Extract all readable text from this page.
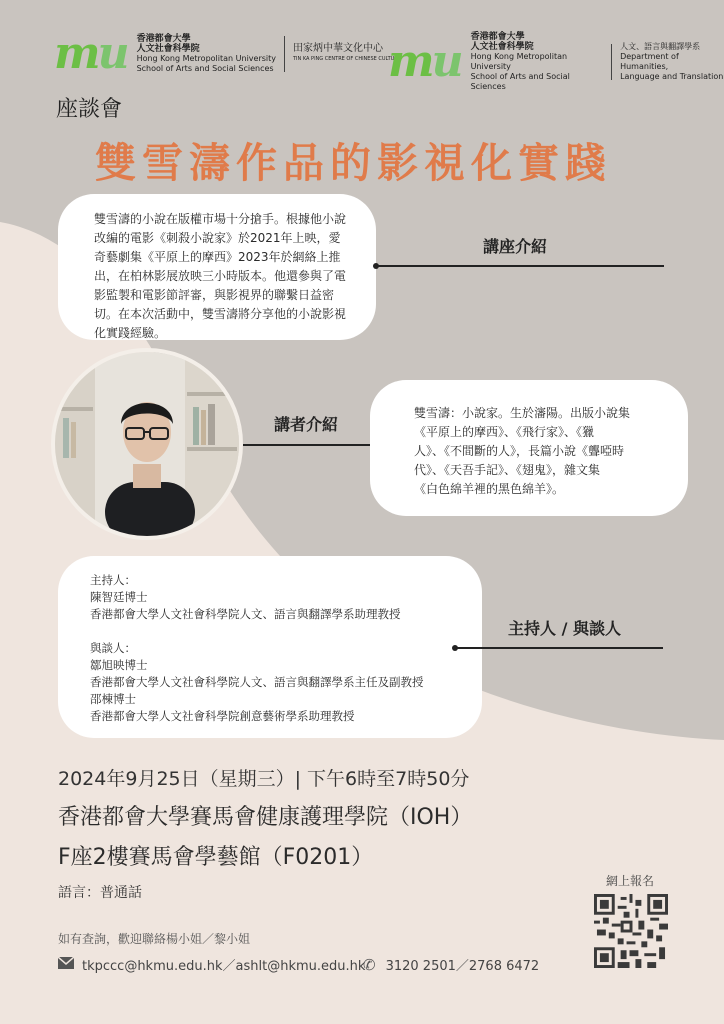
mu 香港都會大學
人文社會科學院
Hong Kong Metropolitan University
School of Arts and Social Sciences
田家炳中華文化中心
TIN KA PING CENTRE OF CHINESE CULTURE
mu 香港都會大學
人文社會科學院
Hong Kong Metropolitan University
School of Arts and Social Sciences
人文、語言與翻譯學系
Department of Humanities,
Language and Translation
座談會
雙雪濤作品的影視化實踐

雙雪濤的小說在版權市場十分搶手。根據他小說

改編的電影《刺殺小說家》於2021年上映，愛

奇藝劇集《平原上的摩西》2023年於網絡上推

出，在柏林影展放映三小時版本。他還參與了電

影監製和電影節評審，與影視界的聯繫日益密

切。在本次活動中，雙雪濤將分享他的小說影視

化實踐經驗。

講座介紹
講者介紹

雙雪濤：小說家。生於瀋陽。出版小說集

《平原上的摩西》、《飛行家》、《獵

人》、《不間斷的人》，長篇小說《聾啞時

代》、《天吾手記》、《翅鬼》，雜文集

《白色綿羊裡的黑色綿羊》。

主持人：

陳智廷博士

香港都會大學人文社會科學院人文、語言與翻譯學系助理教授

與談人：

鄒旭映博士

香港都會大學人文社會科學院人文、語言與翻譯學系主任及副教授

邵棟博士

香港都會大學人文社會科學院創意藝術學系助理教授

主持人 / 與談人
2024年9月25日（星期三）| 下午6時至7時50分
香港都會大學賽馬會健康護理學院（IOH）
F座2樓賽馬會學藝館（F0201）
語言：普通話
如有查詢，歡迎聯絡楊小姐／黎小姐
tkpccc@hkmu.edu.hk／ashlt@hkmu.edu.hk
✆ 3120 2501／2768 6472
網上報名
